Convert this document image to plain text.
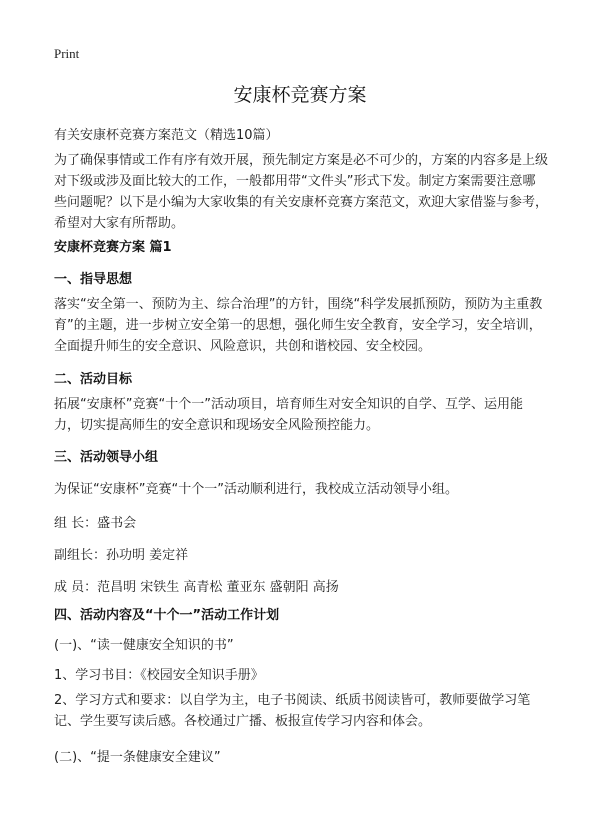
Print
安康杯竞赛方案
有关安康杯竞赛方案范文（精选10篇）

为了确保事情或工作有序有效开展，预先制定方案是必不可少的，方案的内容多是上级对下级或涉及面比较大的工作，一般都用带“文件头”形式下发。制定方案需要注意哪些问题呢？以下是小编为大家收集的有关安康杯竞赛方案范文，欢迎大家借鉴与参考，希望对大家有所帮助。

安康杯竞赛方案 篇1
一、指导思想

落实“安全第一、预防为主、综合治理”的方针，围绕“科学发展抓预防，预防为主重教育”的主题，进一步树立安全第一的思想，强化师生安全教育，安全学习，安全培训，全面提升师生的安全意识、风险意识，共创和谐校园、安全校园。

二、活动目标

拓展“安康杯”竞赛“十个一”活动项目，培育师生对安全知识的自学、互学、运用能力，切实提高师生的安全意识和现场安全风险预控能力。

三、活动领导小组
为保证“安康杯”竞赛“十个一”活动顺利进行，我校成立活动领导小组。
组 长：盛书会
副组长：孙功明 姜定祥
成 员：范昌明 宋铁生 高青松 董亚东 盛朝阳 高扬
四、活动内容及“十个一”活动工作计划
(一)、“读一健康安全知识的书”
1、学习书目：《校园安全知识手册》

2、学习方式和要求：以自学为主，电子书阅读、纸质书阅读皆可，教师要做学习笔记、学生要写读后感。各校通过广播、板报宣传学习内容和体会。

(二)、“提一条健康安全建议”
